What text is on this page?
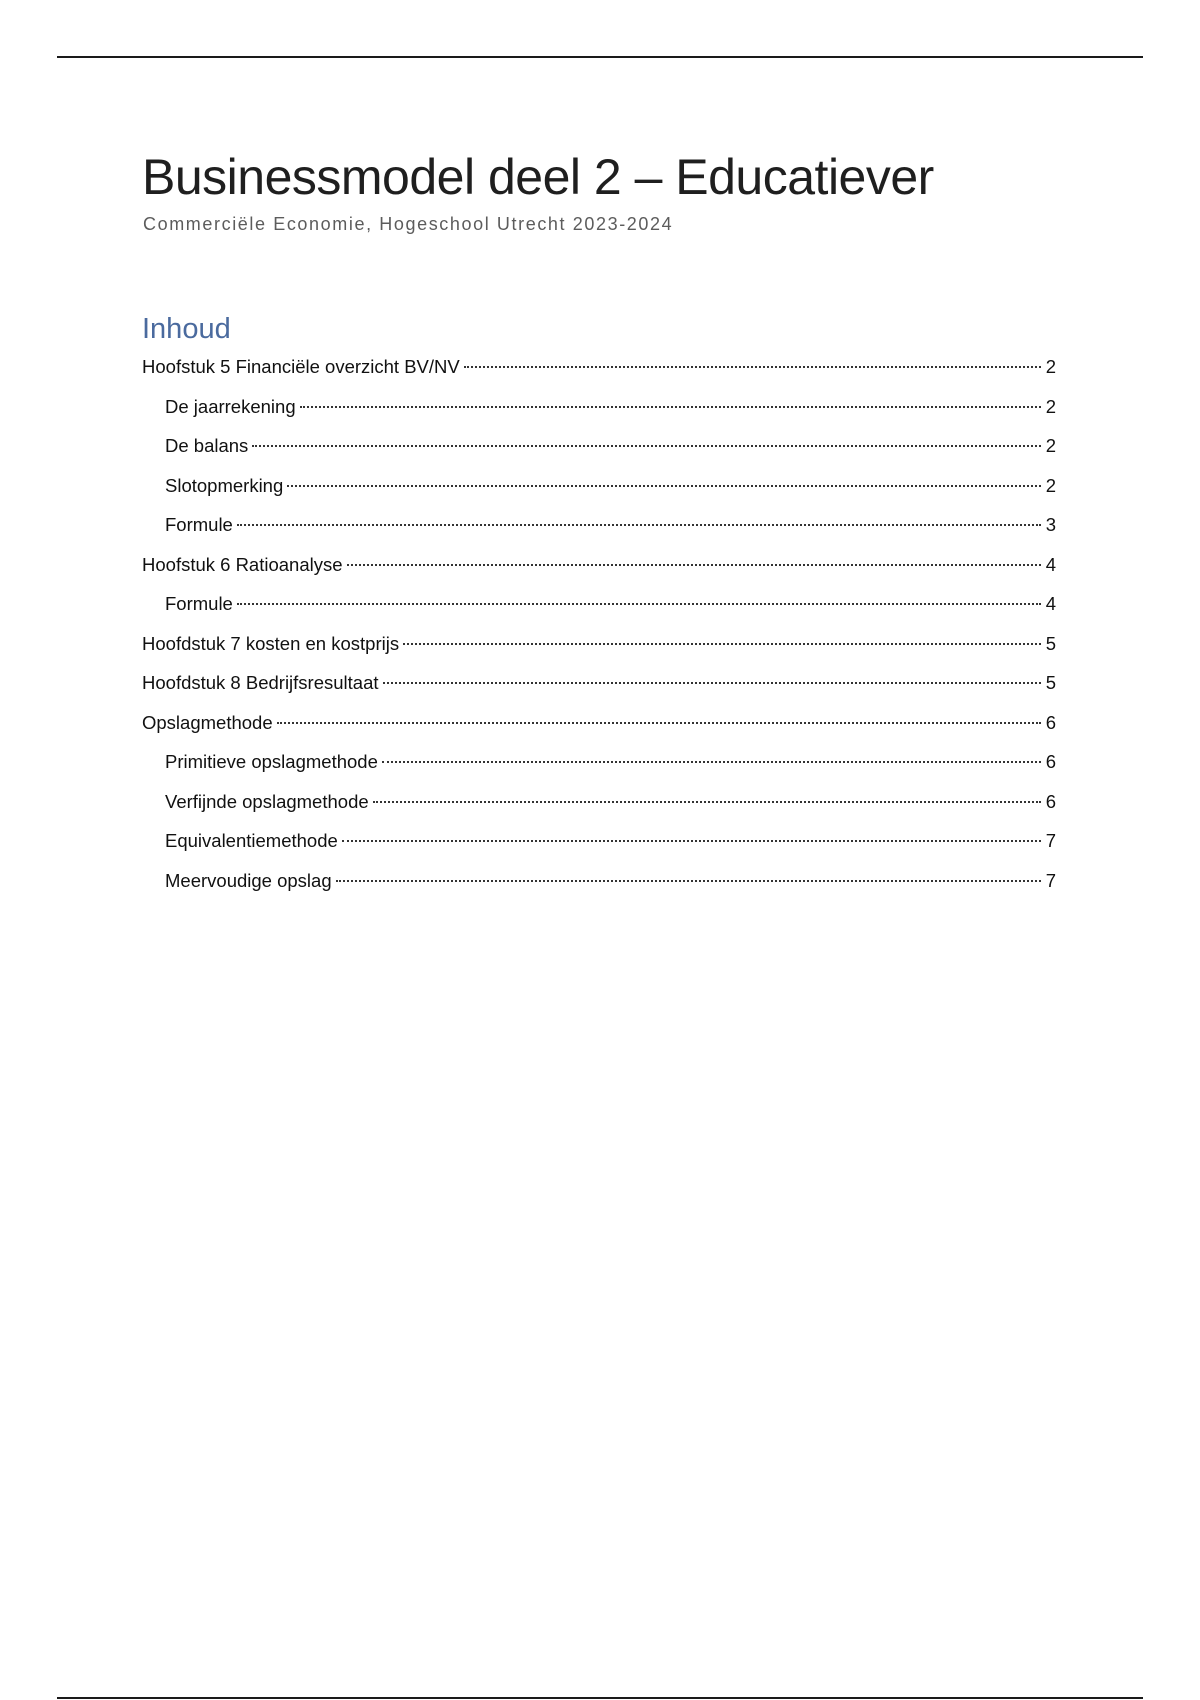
Businessmodel deel 2 – Educatiever

Commerciële Economie, Hogeschool Utrecht 2023-2024

Inhoud
Hoofstuk 5 Financiële overzicht BV/NV	2
De jaarrekening	2
De balans	2
Slotopmerking	2
Formule	3
Hoofstuk 6 Ratioanalyse	4
Formule	4
Hoofdstuk 7 kosten en kostprijs	5
Hoofdstuk 8 Bedrijfsresultaat	5
Opslagmethode	6
Primitieve opslagmethode	6
Verfijnde opslagmethode	6
Equivalentiemethode	7
Meervoudige opslag	7
